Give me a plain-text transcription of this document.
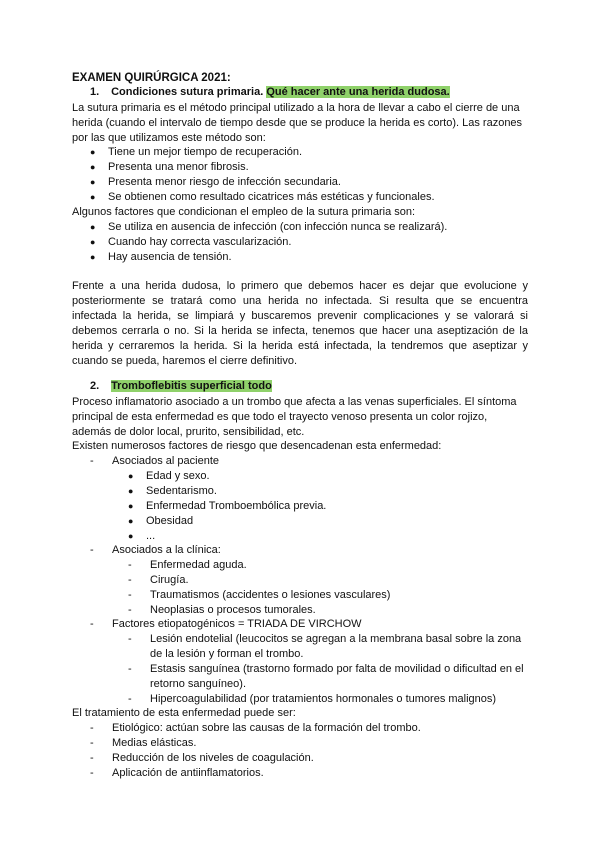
EXAMEN QUIRÚRGICA 2021:
1. Condiciones sutura primaria. Qué hacer ante una herida dudosa.

La sutura primaria es el método principal utilizado a la hora de llevar a cabo el cierre de una herida (cuando el intervalo de tiempo desde que se produce la herida es corto). Las razones por las que utilizamos este método son:

● Tiene un mejor tiempo de recuperación.
● Presenta una menor fibrosis.
● Presenta menor riesgo de infección secundaria.
● Se obtienen como resultado cicatrices más estéticas y funcionales.

Algunos factores que condicionan el empleo de la sutura primaria son:

● Se utiliza en ausencia de infección (con infección nunca se realizará).
● Cuando hay correcta vascularización.
● Hay ausencia de tensión.

Frente a una herida dudosa, lo primero que debemos hacer es dejar que evolucione y posteriormente se tratará como una herida no infectada. Si resulta que se encuentra infectada la herida, se limpiará y buscaremos prevenir complicaciones y se valorará si debemos cerrarla o no. Si la herida se infecta, tenemos que hacer una aseptización de la herida y cerraremos la herida. Si la herida está infectada, la tendremos que aseptizar y cuando se pueda, haremos el cierre definitivo.

2. Tromboflebitis superficial todo

Proceso inflamatorio asociado a un trombo que afecta a las venas superficiales. El síntoma principal de esta enfermedad es que todo el trayecto venoso presenta un color rojizo, además de dolor local, prurito, sensibilidad, etc.

Existen numerosos factores de riesgo que desencadenan esta enfermedad:

- Asociados al paciente
● Edad y sexo.
● Sedentarismo.
● Enfermedad Tromboembólica previa.
● Obesidad
● ...
- Asociados a la clínica:
- Enfermedad aguda.
- Cirugía.
- Traumatismos (accidentes o lesiones vasculares)
- Neoplasias o procesos tumorales.
- Factores etiopatogénicos = TRIADA DE VIRCHOW
- Lesión endotelial (leucocitos se agregan a la membrana basal sobre la zona de la lesión y forman el trombo.
- Estasis sanguínea (trastorno formado por falta de movilidad o dificultad en el retorno sanguíneo).
- Hipercoagulabilidad (por tratamientos hormonales o tumores malignos)

El tratamiento de esta enfermedad puede ser:

- Etiológico: actúan sobre las causas de la formación del trombo.
- Medias elásticas.
- Reducción de los niveles de coagulación.
- Aplicación de antiinflamatorios.
